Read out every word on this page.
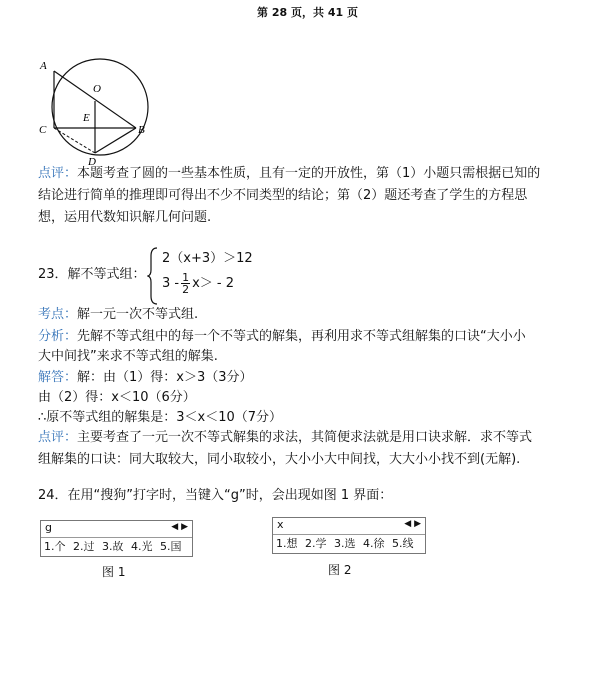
第 28 页，共 41 页
A
O
E
C	B
D
点评：本题考查了圆的一些基本性质，且有一定的开放性，第（1）小题只需根据已知的
结论进行简单的推理即可得出不少不同类型的结论；第（2）题还考查了学生的方程思
想，运用代数知识解几何问题.
23．解不等式组：
2（x+3）＞12
$3 - \frac{1}{2} x> - 2$
考点：解一元一次不等式组.
分析：先解不等式组中的每一个不等式的解集，再利用求不等式组解集的口诀“大小小
大中间找”来求不等式组的解集.
解答：解：由（1）得：x＞3（3分）
由（2）得：x＜10（6分）
∴原不等式组的解集是：3＜x＜10（7分）
点评：主要考查了一元一次不等式解集的求法，其简便求法就是用口诀求解．求不等式
组解集的口诀：同大取较大，同小取较小，大小小大中间找，大大小小找不到(无解).
24．在用“搜狗”打字时，当键入“g”时，会出现如图 1 界面：
g	◀ ▶
1.个 2.过 3.故 4.光 5.国
图 1
x	◀ ▶
1.想 2.学 3.选 4.徐 5.线
图 2
